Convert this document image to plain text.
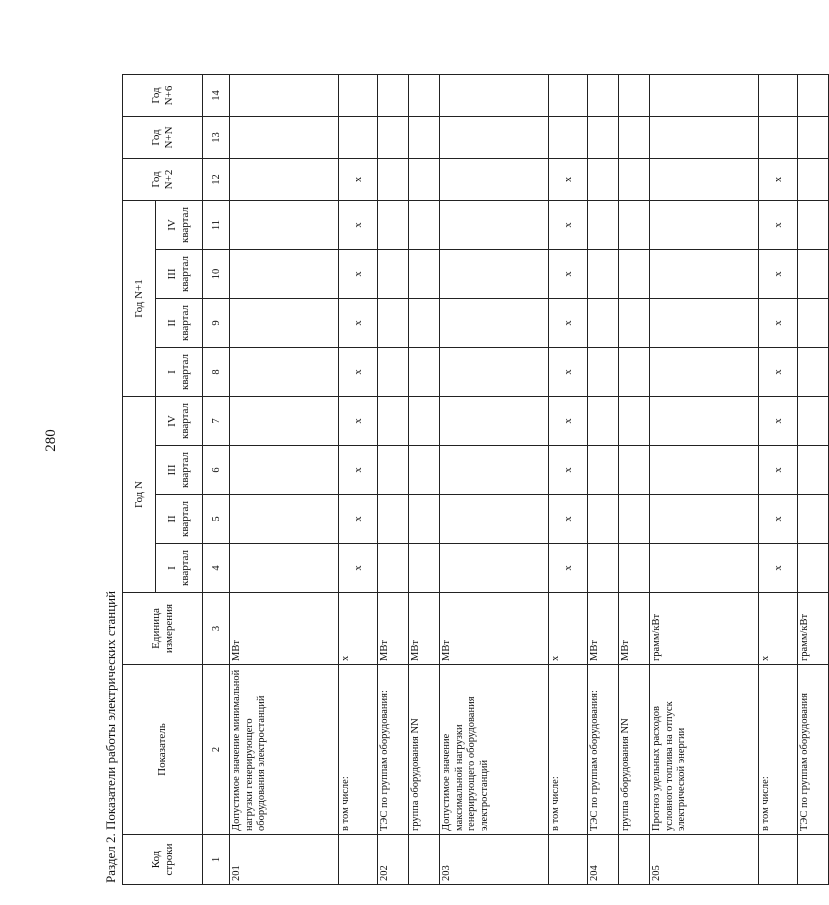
280
Раздел 2. Показатели работы электрических станций	Код строки	Показатель	Единица измерения	Год N				Год N+1				Год N+2	Год N+N	Год N+6	
			I квартал	II квартал	III квартал	IV квартал	I квартал	II квартал	III квартал	IV квартал				
1	2	3	4	5	6	7	8	9	10	11	12	13	14	
201	Допустимое значение минимальной нагрузки генерирующего оборудования электростанций	МВт												
	в том числе:	x	x	x	x	x	x	x	x	x	x			
202	ТЭС по группам оборудования:	МВт												
	группа оборудования NN	МВт												
203	Допустимое значение максимальной нагрузки генерирующего оборудования электростанций	МВт												
	в том числе:	x	x	x	x	x	x	x	x	x	x			
204	ТЭС по группам оборудования:	МВт												
	группа оборудования NN	МВт												
205	Прогноз удельных расходов условного топлива на отпуск электрической энергии	грамм/кВт												
	в том числе:	x	x	x	x	x	x	x	x	x	x			
	ТЭС по группам оборудования	грамм/кВт												
